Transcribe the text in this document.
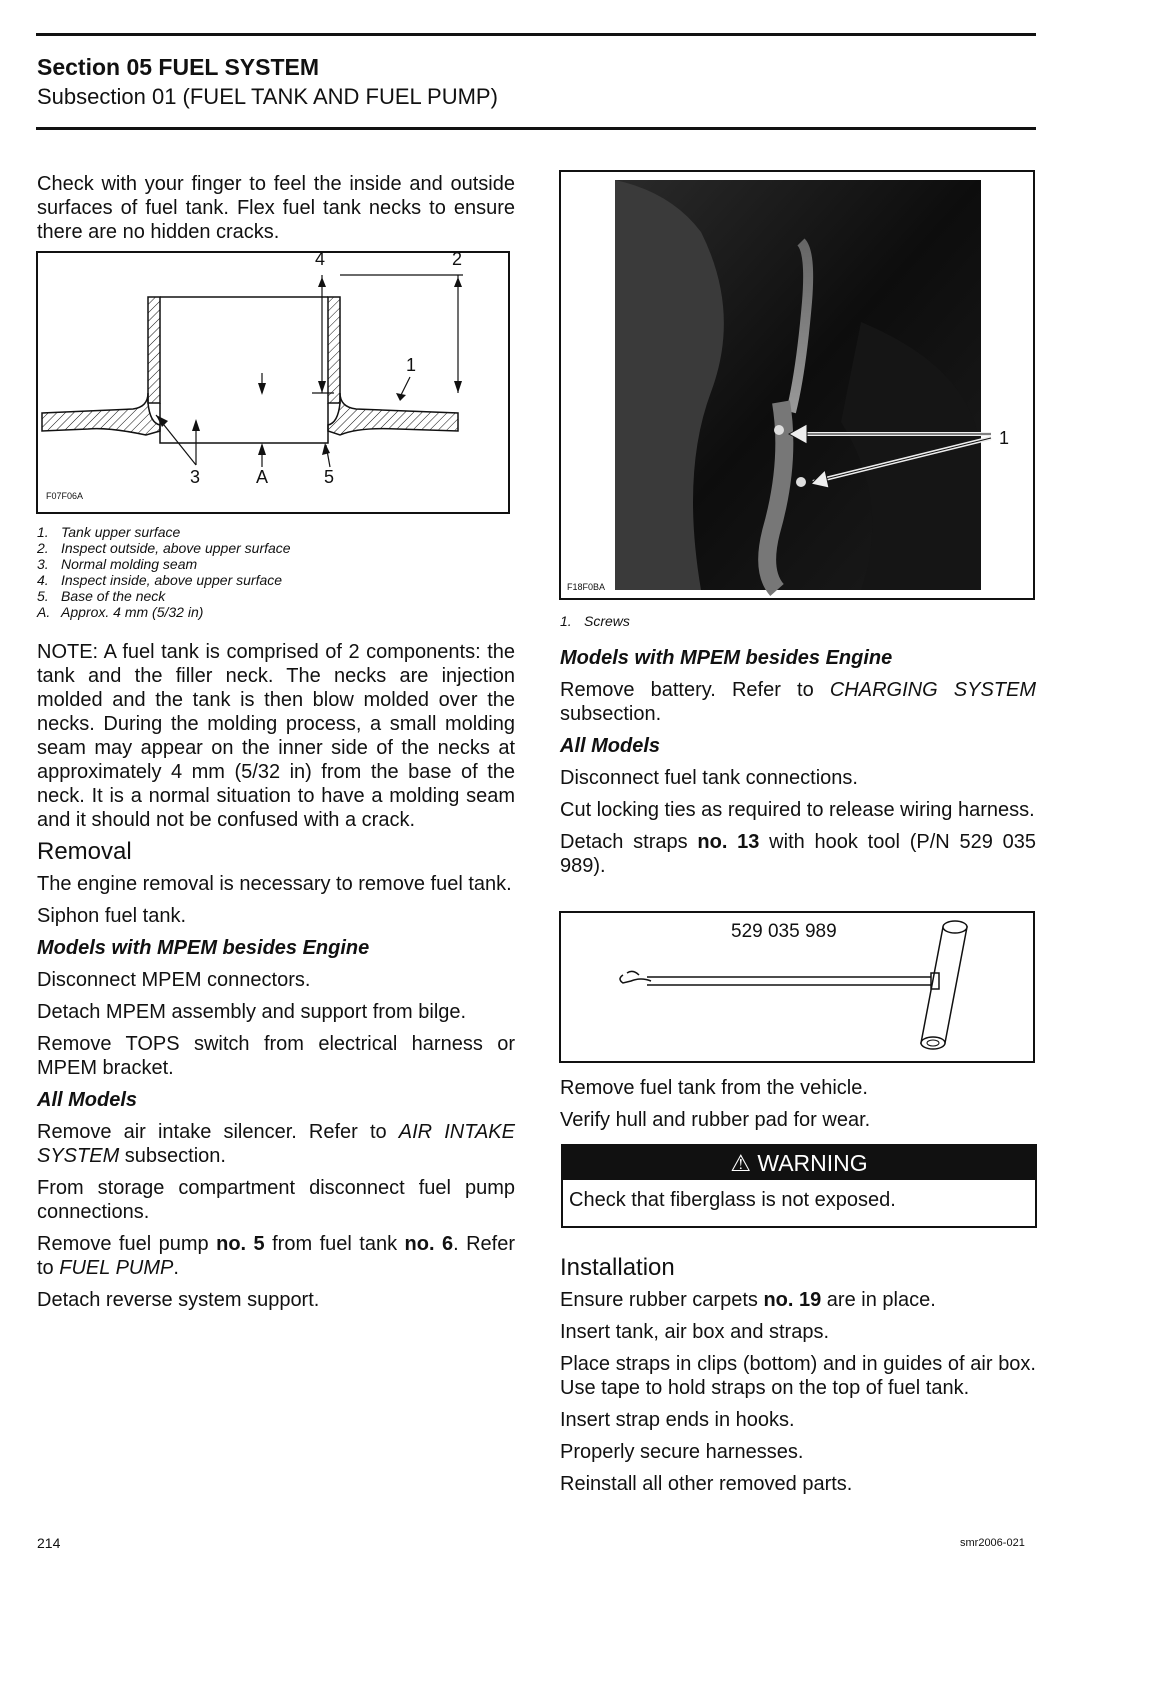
Section 05 FUEL SYSTEM
Subsection 01 (FUEL TANK AND FUEL PUMP)

Check with your finger to feel the inside and outside surfaces of fuel tank. Flex fuel tank necks to ensure there are no hidden cracks.

4	2
1
3	A	5
F07F06A
1. Tank upper surface
2. Inspect outside, above upper surface
3. Normal molding seam
4. Inspect inside, above upper surface
5. Base of the neck
A. Approx. 4 mm (5/32 in)

NOTE: A fuel tank is comprised of 2 components: the tank and the filler neck. The necks are injection molded and the tank is then blow molded over the necks. During the molding process, a small molding seam may appear on the inner side of the necks at approximately 4 mm (5/32 in) from the base of the neck. It is a normal situation to have a molding seam and it should not be confused with a crack.

Removal

The engine removal is necessary to remove fuel tank.

Siphon fuel tank.

Models with MPEM besides Engine

Disconnect MPEM connectors.

Detach MPEM assembly and support from bilge.

Remove TOPS switch from electrical harness or MPEM bracket.

All Models

Remove air intake silencer. Refer to AIR INTAKE SYSTEM subsection.

From storage compartment disconnect fuel pump connections.

Remove fuel pump no. 5 from fuel tank no. 6. Refer to FUEL PUMP.

Detach reverse system support.

1
F18F0BA
1. Screws

Models with MPEM besides Engine

Remove battery. Refer to CHARGING SYSTEM subsection.

All Models

Disconnect fuel tank connections.

Cut locking ties as required to release wiring harness.

Detach straps no. 13 with hook tool (P/N 529 035 989).

529 035 989

Remove fuel tank from the vehicle.

Verify hull and rubber pad for wear.

⚠ WARNING
Check that fiberglass is not exposed.

Installation

Ensure rubber carpets no. 19 are in place.

Insert tank, air box and straps.

Place straps in clips (bottom) and in guides of air box. Use tape to hold straps on the top of fuel tank.

Insert strap ends in hooks.

Properly secure harnesses.

Reinstall all other removed parts.

214	smr2006-021
